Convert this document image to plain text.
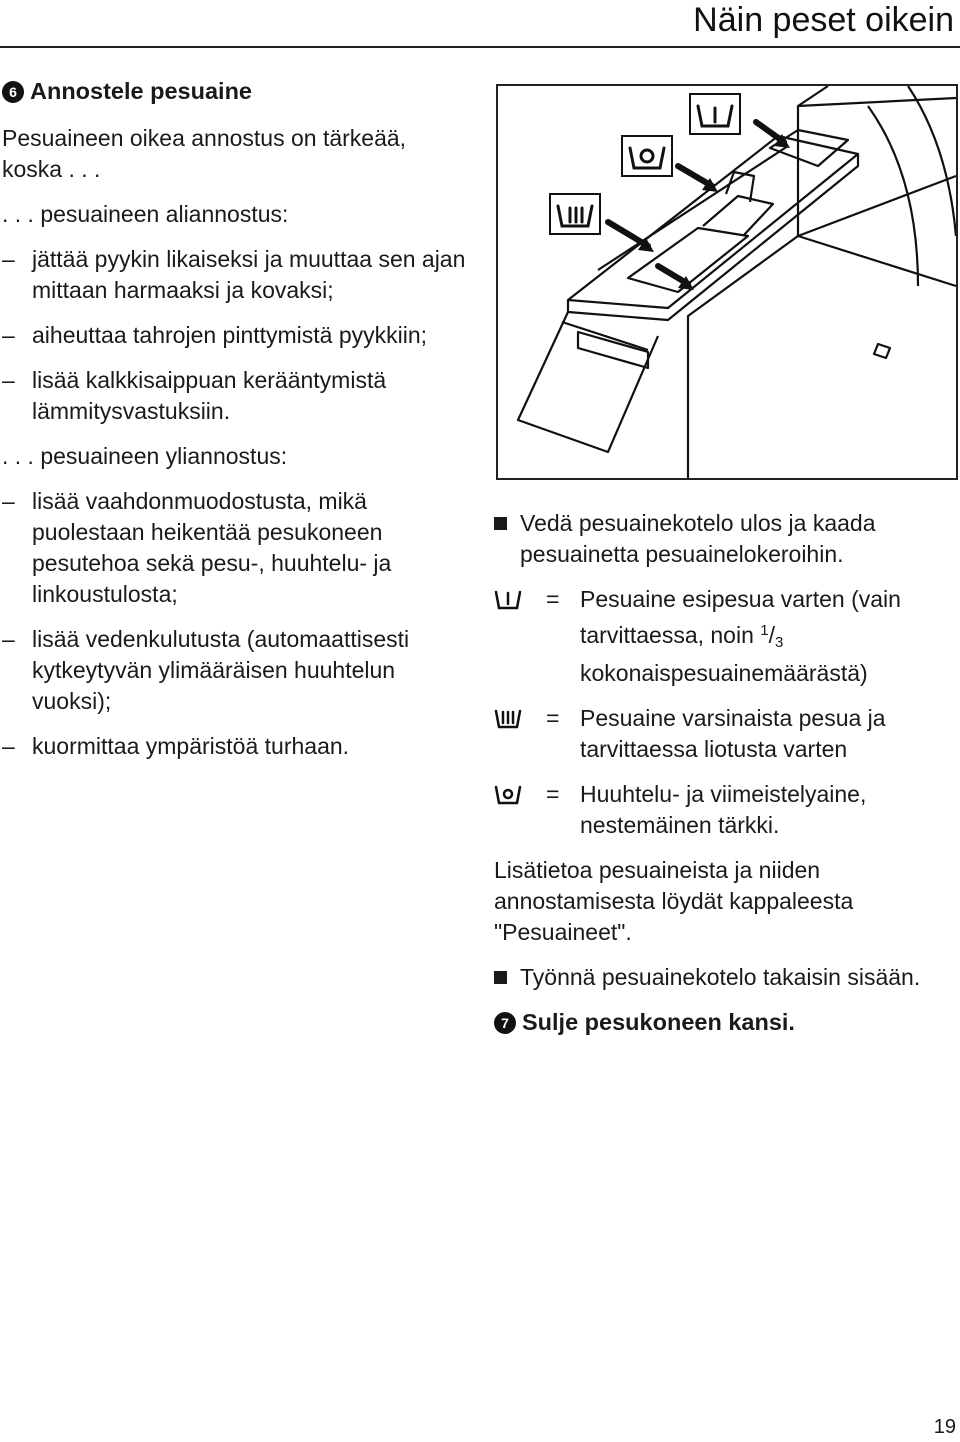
Näin peset oikein
6 Annostele pesuaine

Pesuaineen oikea annostus on tärkeää, koska . . .

. . . pesuaineen aliannostus:

– jättää pyykin likaiseksi ja muuttaa sen ajan mittaan harmaaksi ja kovaksi;
– aiheuttaa tahrojen pinttymistä pyykkiin;
– lisää kalkkisaippuan kerääntymistä lämmitysvastuksiin.

. . . pesuaineen yliannostus:

– lisää vaahdonmuodostusta, mikä puolestaan heikentää pesukoneen pesutehoa sekä pesu-, huuhtelu- ja linkoustulosta;
– lisää vedenkulutusta (automaattisesti kytkeytyvän ylimääräisen huuhtelun vuoksi);
– kuormittaa ympäristöä turhaan.
Vedä pesuainekotelo ulos ja kaada pesuainetta pesuainelokeroihin.
= Pesuaine esipesua varten (vain tarvittaessa, noin $^1/_3$ kokonaispesuainemäärästä)
= Pesuaine varsinaista pesua ja tarvittaessa liotusta varten
= Huuhtelu- ja viimeistelyaine, nestemäinen tärkki.

Lisätietoa pesuaineista ja niiden annostamisesta löydät kappaleesta "Pesuaineet".

Työnnä pesuainekotelo takaisin sisään.
7 Sulje pesukoneen kansi.
19
